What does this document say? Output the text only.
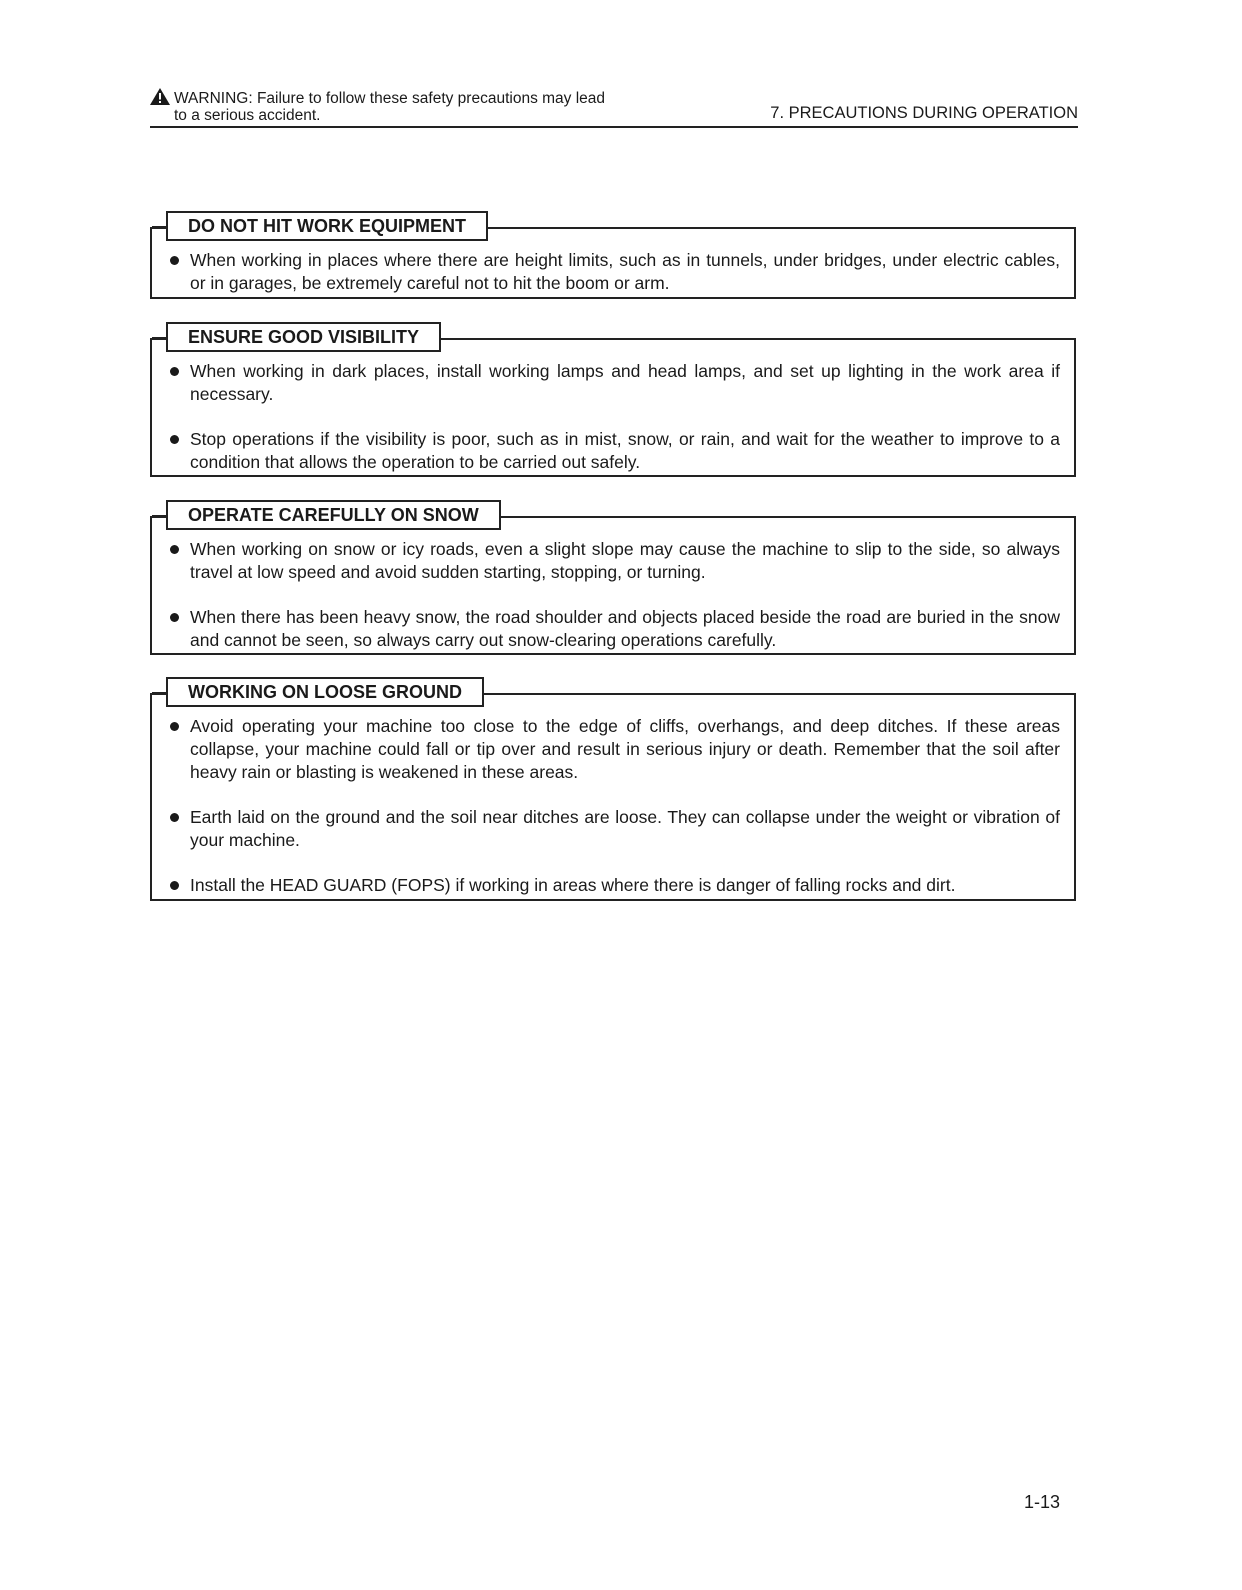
WARNING: Failure to follow these safety precautions may lead
to a serious accident.	7. PRECAUTIONS DURING OPERATION
DO NOT HIT WORK EQUIPMENT
When working in places where there are height limits, such as in tunnels, under bridges, under electric cables, or in garages, be extremely careful not to hit the boom or arm.
ENSURE GOOD VISIBILITY
When working in dark places, install working lamps and head lamps, and set up lighting in the work area if necessary.
Stop operations if the visibility is poor, such as in mist, snow, or rain, and wait for the weather to improve to a condition that allows the operation to be carried out safely.
OPERATE CAREFULLY ON SNOW
When working on snow or icy roads, even a slight slope may cause the machine to slip to the side, so always travel at low speed and avoid sudden starting, stopping, or turning.
When there has been heavy snow, the road shoulder and objects placed beside the road are buried in the snow and cannot be seen, so always carry out snow-clearing operations carefully.
WORKING ON LOOSE GROUND
Avoid operating your machine too close to the edge of cliffs, overhangs, and deep ditches. If these areas collapse, your machine could fall or tip over and result in serious injury or death. Remember that the soil after heavy rain or blasting is weakened in these areas.
Earth laid on the ground and the soil near ditches are loose. They can collapse under the weight or vibration of your machine.
Install the HEAD GUARD (FOPS) if working in areas where there is danger of falling rocks and dirt.
1-13
